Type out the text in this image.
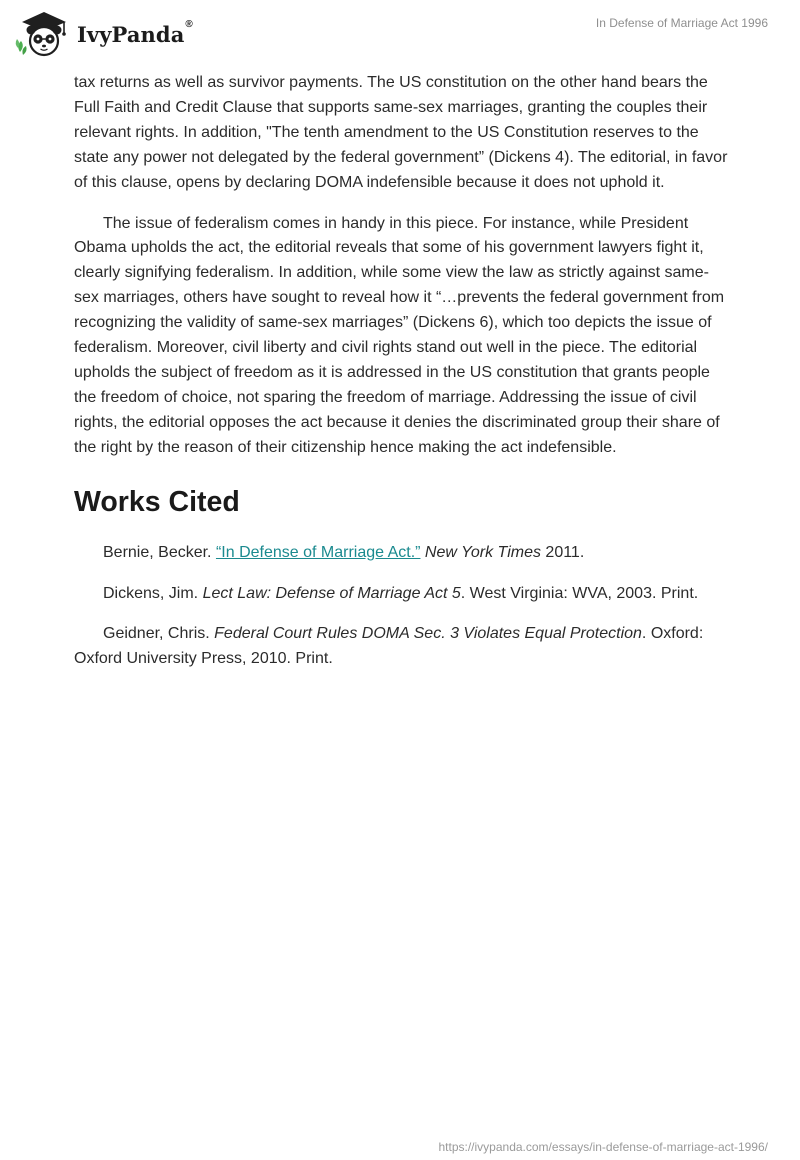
IvyPanda®	In Defense of Marriage Act 1996

tax returns as well as survivor payments. The US constitution on the other hand bears the Full Faith and Credit Clause that supports same-sex marriages, granting the couples their relevant rights. In addition, "The tenth amendment to the US Constitution reserves to the state any power not delegated by the federal government” (Dickens 4). The editorial, in favor of this clause, opens by declaring DOMA indefensible because it does not uphold it.

The issue of federalism comes in handy in this piece. For instance, while President Obama upholds the act, the editorial reveals that some of his government lawyers fight it, clearly signifying federalism. In addition, while some view the law as strictly against same-sex marriages, others have sought to reveal how it “…prevents the federal government from recognizing the validity of same-sex marriages” (Dickens 6), which too depicts the issue of federalism. Moreover, civil liberty and civil rights stand out well in the piece. The editorial upholds the subject of freedom as it is addressed in the US constitution that grants people the freedom of choice, not sparing the freedom of marriage. Addressing the issue of civil rights, the editorial opposes the act because it denies the discriminated group their share of the right by the reason of their citizenship hence making the act indefensible.

Works Cited

Bernie, Becker. “In Defense of Marriage Act.” New York Times 2011.

Dickens, Jim. Lect Law: Defense of Marriage Act 5. West Virginia: WVA, 2003. Print.

Geidner, Chris. Federal Court Rules DOMA Sec. 3 Violates Equal Protection. Oxford: Oxford University Press, 2010. Print.

https://ivypanda.com/essays/in-defense-of-marriage-act-1996/
